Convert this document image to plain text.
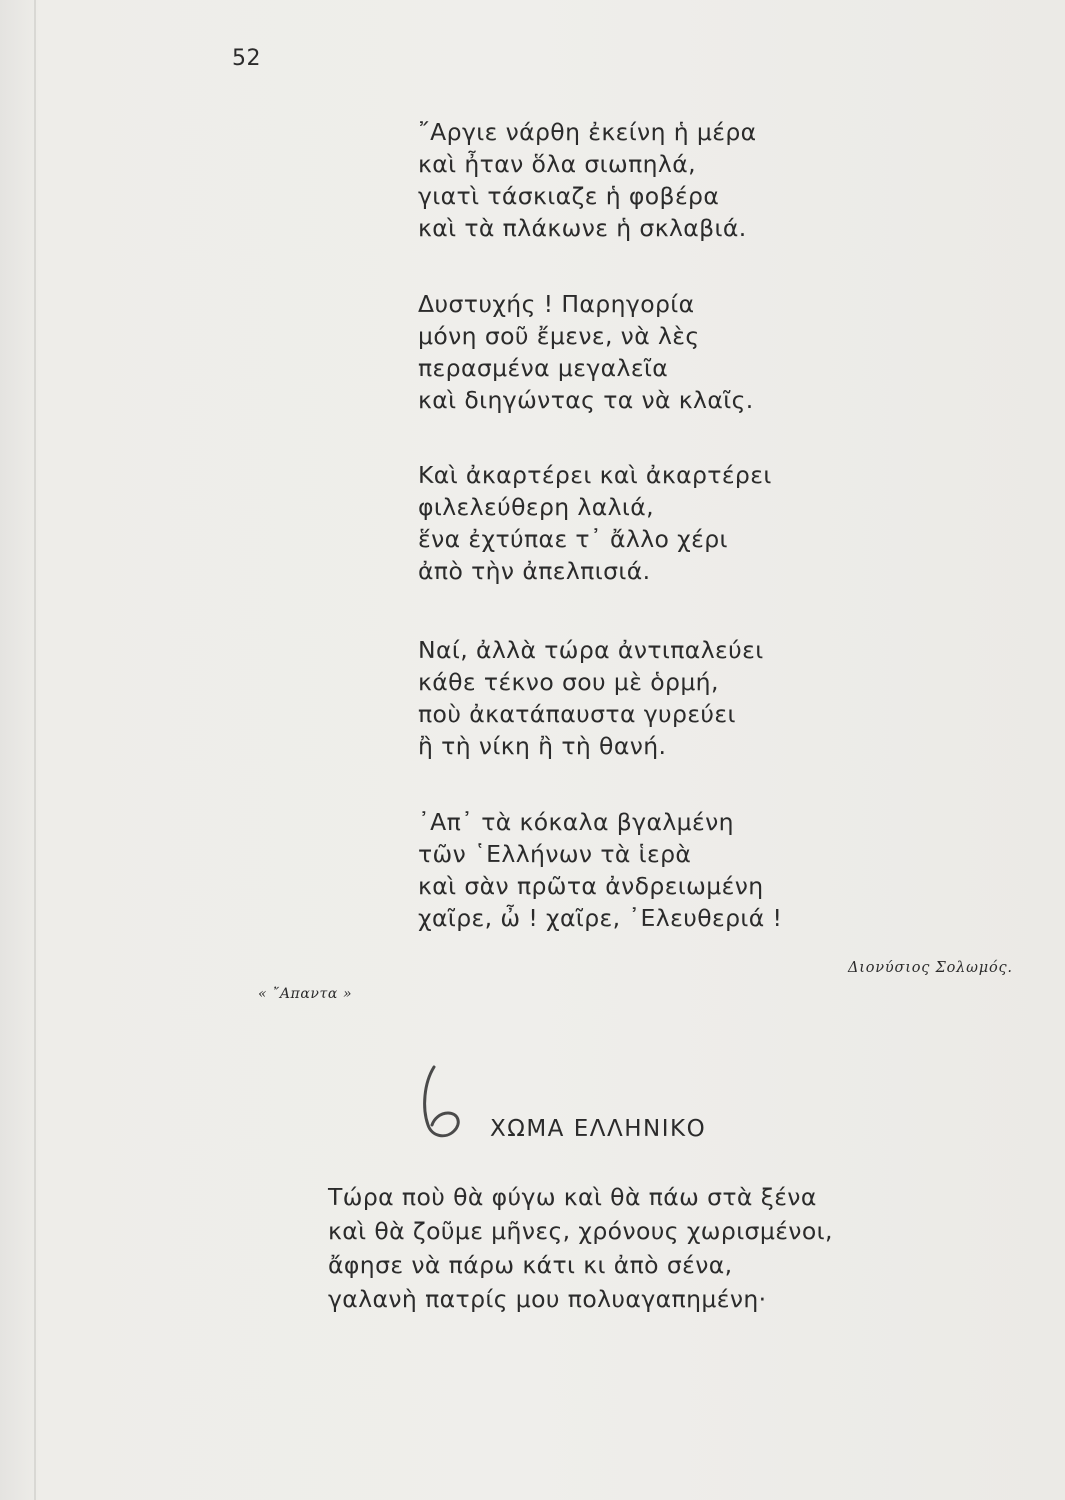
52
῎Αργιε νάρθη ἐκείνη ἡ μέρα
καὶ ἦταν ὅλα σιωπηλά,
γιατὶ τάσκιαζε ἡ φοβέρα
καὶ τὰ πλάκωνε ἡ σκλαβιά.
Δυστυχής ! Παρηγορία
μόνη σοῦ ἔμενε, νὰ λὲς
περασμένα μεγαλεῖα
καὶ διηγώντας τα νὰ κλαῖς.
Καὶ ἀκαρτέρει καὶ ἀκαρτέρει
φιλελεύθερη λαλιά,
ἕνα ἐχτύπαε τ᾽ ἄλλο χέρι
ἀπὸ τὴν ἀπελπισιά.
Ναί, ἀλλὰ τώρα ἀντιπαλεύει
κάθε τέκνο σου μὲ ὁρμή,
ποὺ ἀκατάπαυστα γυρεύει
ἢ τὴ νίκη ἢ τὴ θανή.
᾽Απ᾽ τὰ κόκαλα βγαλμένη
τῶν ῾Ελλήνων τὰ ἱερὰ
καὶ σὰν πρῶτα ἀνδρειωμένη
χαῖρε, ὦ ! χαῖρε, ᾽Ελευθεριά !
Διονύσιος Σολωμός.
« ῎Απαντα »
ΧΩΜΑ ΕΛΛΗΝΙΚΟ
Τώρα ποὺ θὰ φύγω καὶ θὰ πάω στὰ ξένα
καὶ θὰ ζοῦμε μῆνες, χρόνους χωρισμένοι,
ἄφησε νὰ πάρω κάτι κι ἀπὸ σένα,
γαλανὴ πατρίς μου πολυαγαπημένη·
